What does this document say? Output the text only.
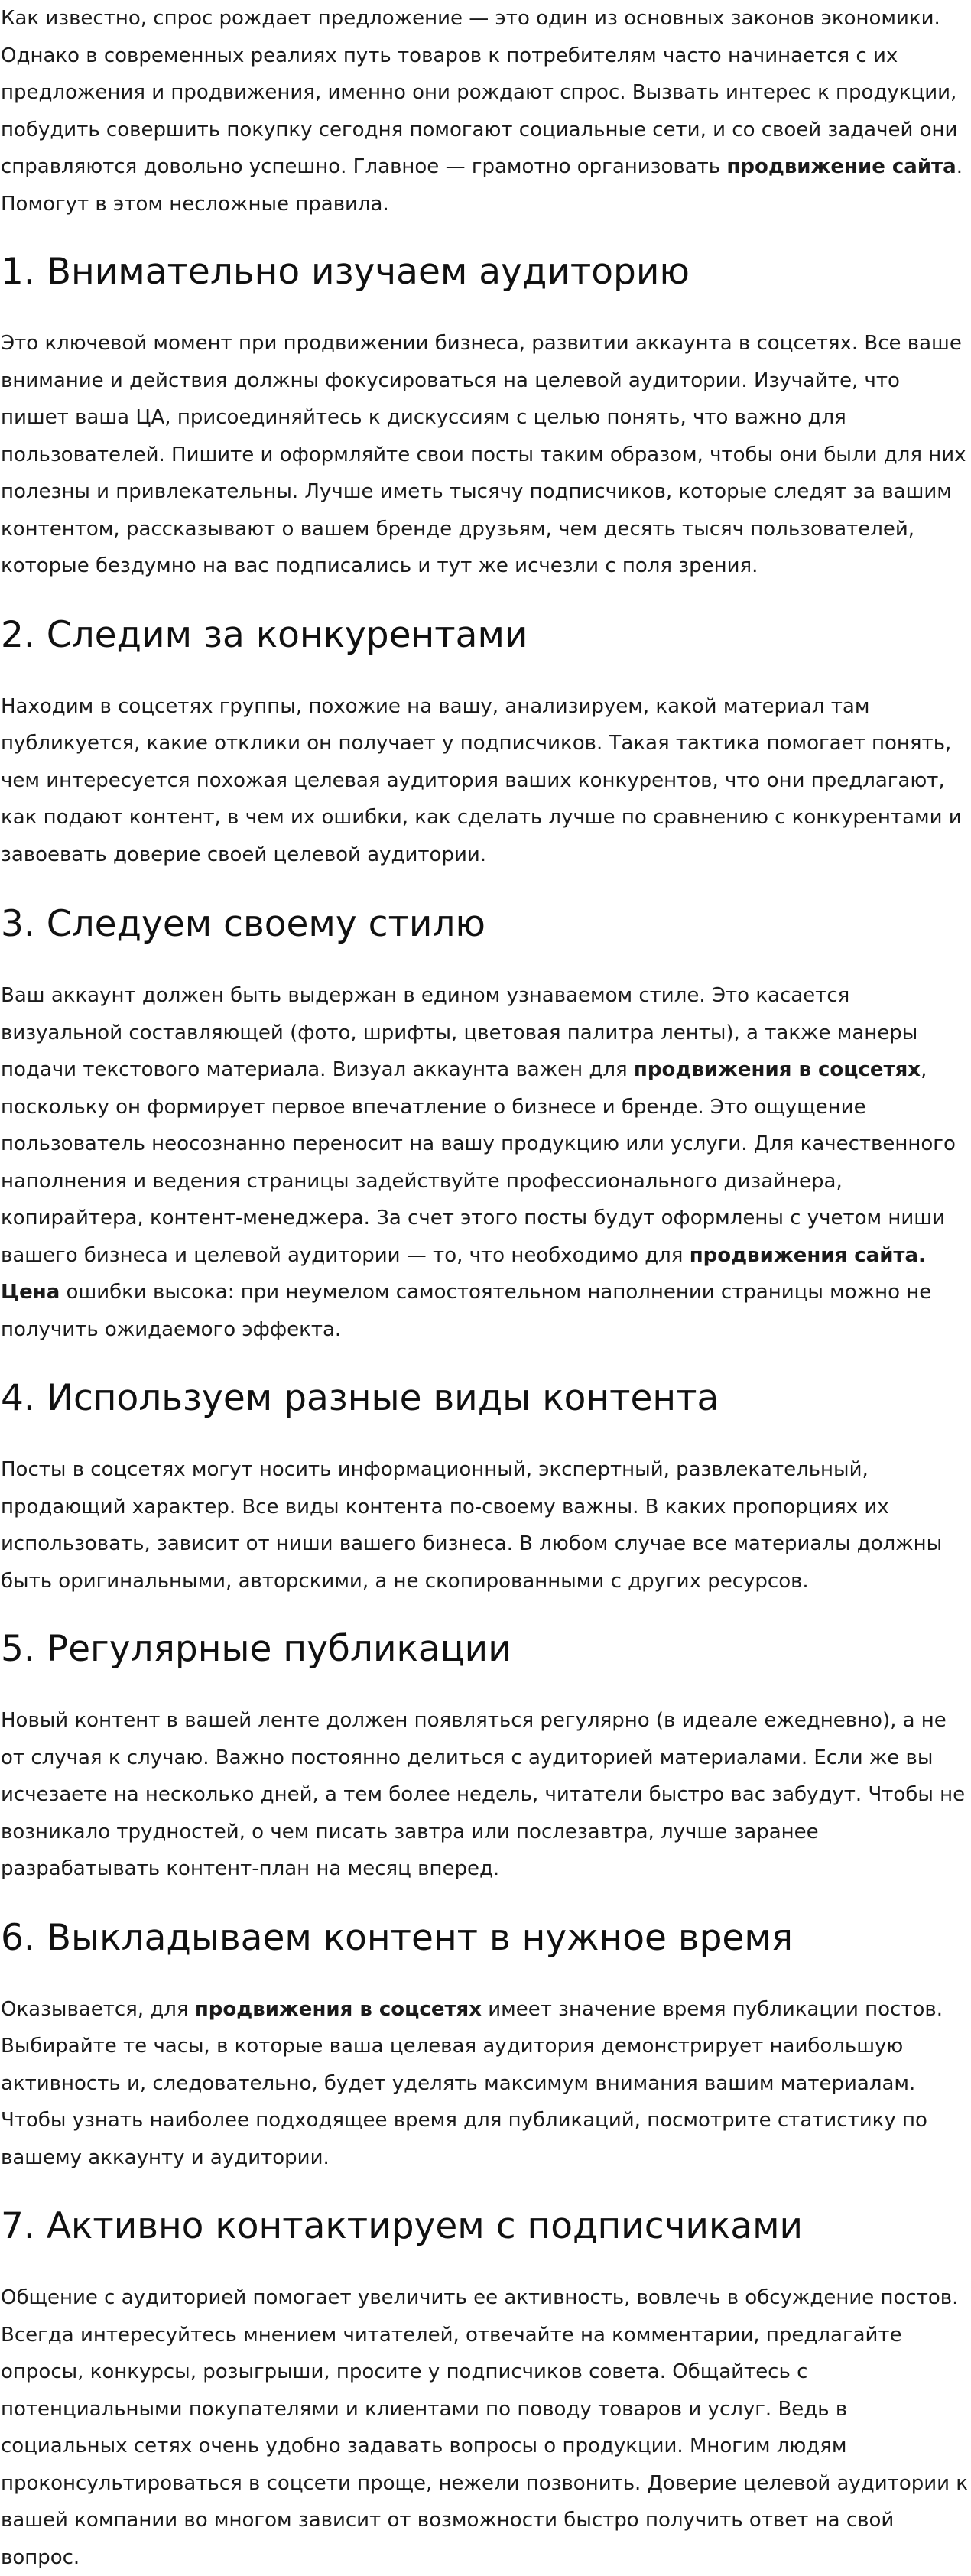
Как известно, спрос рождает предложение — это один из основных законов экономики. Однако в современных реалиях путь товаров к потребителям часто начинается с их предложения и продвижения, именно они рождают спрос. Вызвать интерес к продукции, побудить совершить покупку сегодня помогают социальные сети, и со своей задачей они справляются довольно успешно. Главное — грамотно организовать продвижение сайта. Помогут в этом несложные правила.

1. Внимательно изучаем аудиторию

Это ключевой момент при продвижении бизнеса, развитии аккаунта в соцсетях. Все ваше внимание и действия должны фокусироваться на целевой аудитории. Изучайте, что пишет ваша ЦА, присоединяйтесь к дискуссиям с целью понять, что важно для пользователей. Пишите и оформляйте свои посты таким образом, чтобы они были для них полезны и привлекательны. Лучше иметь тысячу подписчиков, которые следят за вашим контентом, рассказывают о вашем бренде друзьям, чем десять тысяч пользователей, которые бездумно на вас подписались и тут же исчезли с поля зрения.

2. Следим за конкурентами

Находим в соцсетях группы, похожие на вашу, анализируем, какой материал там публикуется, какие отклики он получает у подписчиков. Такая тактика помогает понять, чем интересуется похожая целевая аудитория ваших конкурентов, что они предлагают, как подают контент, в чем их ошибки, как сделать лучше по сравнению с конкурентами и завоевать доверие своей целевой аудитории.

3. Следуем своему стилю

Ваш аккаунт должен быть выдержан в едином узнаваемом стиле. Это касается визуальной составляющей (фото, шрифты, цветовая палитра ленты), а также манеры подачи текстового материала. Визуал аккаунта важен для продвижения в соцсетях, поскольку он формирует первое впечатление о бизнесе и бренде. Это ощущение пользователь неосознанно переносит на вашу продукцию или услуги. Для качественного наполнения и ведения страницы задействуйте профессионального дизайнера, копирайтера, контент-менеджера. За счет этого посты будут оформлены с учетом ниши вашего бизнеса и целевой аудитории — то, что необходимо для продвижения сайта. Цена ошибки высока: при неумелом самостоятельном наполнении страницы можно не получить ожидаемого эффекта.

4. Используем разные виды контента

Посты в соцсетях могут носить информационный, экспертный, развлекательный, продающий характер. Все виды контента по-своему важны. В каких пропорциях их использовать, зависит от ниши вашего бизнеса. В любом случае все материалы должны быть оригинальными, авторскими, а не скопированными с других ресурсов.

5. Регулярные публикации

Новый контент в вашей ленте должен появляться регулярно (в идеале ежедневно), а не от случая к случаю. Важно постоянно делиться с аудиторией материалами. Если же вы исчезаете на несколько дней, а тем более недель, читатели быстро вас забудут. Чтобы не возникало трудностей, о чем писать завтра или послезавтра, лучше заранее разрабатывать контент-план на месяц вперед.

6. Выкладываем контент в нужное время

Оказывается, для продвижения в соцсетях имеет значение время публикации постов. Выбирайте те часы, в которые ваша целевая аудитория демонстрирует наибольшую активность и, следовательно, будет уделять максимум внимания вашим материалам. Чтобы узнать наиболее подходящее время для публикаций, посмотрите статистику по вашему аккаунту и аудитории.

7. Активно контактируем с подписчиками

Общение с аудиторией помогает увеличить ее активность, вовлечь в обсуждение постов. Всегда интересуйтесь мнением читателей, отвечайте на комментарии, предлагайте опросы, конкурсы, розыгрыши, просите у подписчиков совета. Общайтесь с потенциальными покупателями и клиентами по поводу товаров и услуг. Ведь в социальных сетях очень удобно задавать вопросы о продукции. Многим людям проконсультироваться в соцсети проще, нежели позвонить. Доверие целевой аудитории к вашей компании во многом зависит от возможности быстро получить ответ на свой вопрос.
